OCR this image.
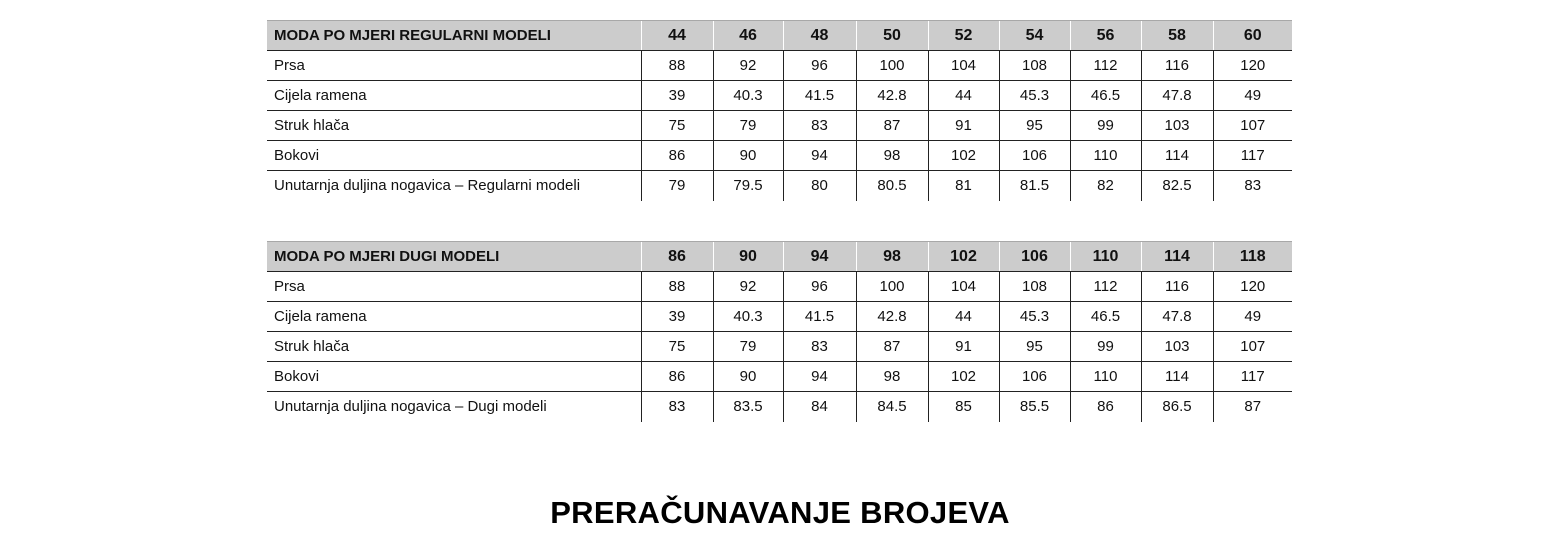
MODA PO MJERI REGULARNI MODELI	44	46	48	50	52	54	56	58	60
Prsa	88	92	96	100	104	108	112	116	120
Cijela ramena	39	40.3	41.5	42.8	44	45.3	46.5	47.8	49
Struk hlača	75	79	83	87	91	95	99	103	107
Bokovi	86	90	94	98	102	106	110	114	117
Unutarnja duljina nogavica – Regularni modeli	79	79.5	80	80.5	81	81.5	82	82.5	83
MODA PO MJERI DUGI MODELI	86	90	94	98	102	106	110	114	118
Prsa	88	92	96	100	104	108	112	116	120
Cijela ramena	39	40.3	41.5	42.8	44	45.3	46.5	47.8	49
Struk hlača	75	79	83	87	91	95	99	103	107
Bokovi	86	90	94	98	102	106	110	114	117
Unutarnja duljina nogavica – Dugi modeli	83	83.5	84	84.5	85	85.5	86	86.5	87
PRERAČUNAVANJE BROJEVA
